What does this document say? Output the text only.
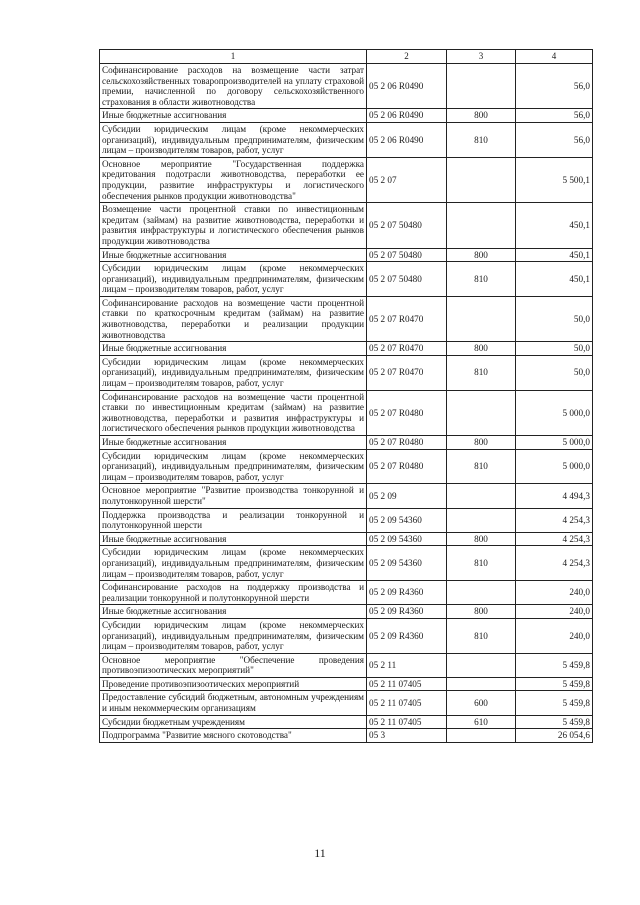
1	2	3	4
Софинансирование расходов на возмещение части затрат сельскохозяйственных товаропроизводителей на уплату страховой премии, начисленной по договору сельскохозяйственного страхования в области животноводства	05 2 06 R0490		56,0
Иные бюджетные ассигнования	05 2 06 R0490	800	56,0
Субсидии юридическим лицам (кроме некоммерческих организаций), индивидуальным предпринимателям, физическим лицам – производителям товаров, работ, услуг	05 2 06 R0490	810	56,0
Основное мероприятие "Государственная поддержка кредитования подотрасли животноводства, переработки ее продукции, развитие инфраструктуры и логистического обеспечения рынков продукции животноводства"	05 2 07		5 500,1
Возмещение части процентной ставки по инвестиционным кредитам (займам) на развитие животноводства, переработки и развития инфраструктуры и логистического обеспечения рынков продукции животноводства	05 2 07 50480		450,1
Иные бюджетные ассигнования	05 2 07 50480	800	450,1
Субсидии юридическим лицам (кроме некоммерческих организаций), индивидуальным предпринимателям, физическим лицам – производителям товаров, работ, услуг	05 2 07 50480	810	450,1
Софинансирование расходов на возмещение части процентной ставки по краткосрочным кредитам (займам) на развитие животноводства, переработки и реализации продукции животноводства	05 2 07 R0470		50,0
Иные бюджетные ассигнования	05 2 07 R0470	800	50,0
Субсидии юридическим лицам (кроме некоммерческих организаций), индивидуальным предпринимателям, физическим лицам – производителям товаров, работ, услуг	05 2 07 R0470	810	50,0
Софинансирование расходов на возмещение части процентной ставки по инвестиционным кредитам (займам) на развитие животноводства, переработки и развития инфраструктуры и логистического обеспечения рынков продукции животноводства	05 2 07 R0480		5 000,0
Иные бюджетные ассигнования	05 2 07 R0480	800	5 000,0
Субсидии юридическим лицам (кроме некоммерческих организаций), индивидуальным предпринимателям, физическим лицам – производителям товаров, работ, услуг	05 2 07 R0480	810	5 000,0
Основное мероприятие "Развитие производства тонкорунной и полутонкорунной шерсти"	05 2 09		4 494,3
Поддержка производства и реализации тонкорунной и полутонкорунной шерсти	05 2 09 54360		4 254,3
Иные бюджетные ассигнования	05 2 09 54360	800	4 254,3
Субсидии юридическим лицам (кроме некоммерческих организаций), индивидуальным предпринимателям, физическим лицам – производителям товаров, работ, услуг	05 2 09 54360	810	4 254,3
Софинансирование расходов на поддержку производства и реализации тонкорунной и полутонкорунной шерсти	05 2 09 R4360		240,0
Иные бюджетные ассигнования	05 2 09 R4360	800	240,0
Субсидии юридическим лицам (кроме некоммерческих организаций), индивидуальным предпринимателям, физическим лицам – производителям товаров, работ, услуг	05 2 09 R4360	810	240,0
Основное мероприятие "Обеспечение проведения противоэпизоотических мероприятий"	05 2 11		5 459,8
Проведение противоэпизоотических мероприятий	05 2 11 07405		5 459,8
Предоставление субсидий бюджетным, автономным учреждениям и иным некоммерческим организациям	05 2 11 07405	600	5 459,8
Субсидии бюджетным учреждениям	05 2 11 07405	610	5 459,8
Подпрограмма "Развитие мясного скотоводства"	05 3		26 054,6
11
